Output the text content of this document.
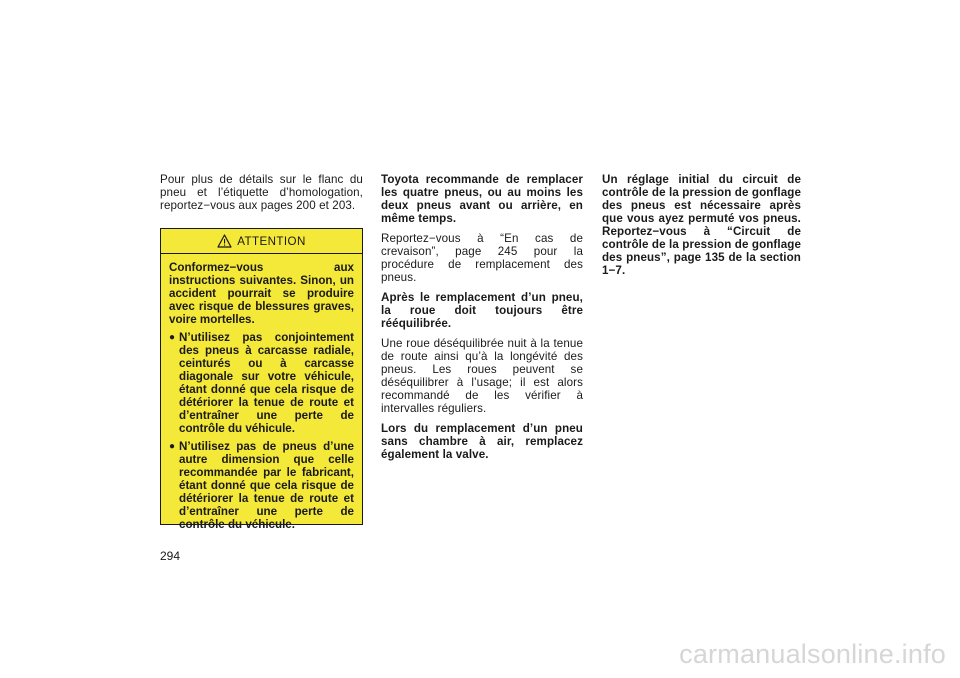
Pour plus de détails sur le flanc du pneu et l’étiquette d’homologation, reportez−vous aux pages 200 et 203.

ATTENTION

Conformez−vous aux instructions suivantes. Sinon, un accident pourrait se produire avec risque de blessures graves, voire mortelles.

● N’utilisez pas conjointement des pneus à carcasse radiale, ceinturés ou à carcasse diagonale sur votre véhicule, étant donné que cela risque de détériorer la tenue de route et d’entraîner une perte de contrôle du véhicule.
● N’utilisez pas de pneus d’une autre dimension que celle recommandée par le fabricant, étant donné que cela risque de détériorer la tenue de route et d’entraîner une perte de contrôle du véhicule.

Toyota recommande de remplacer les quatre pneus, ou au moins les deux pneus avant ou arrière, en même temps.

Reportez−vous à “En cas de crevaison”, page 245 pour la procédure de remplacement des pneus.

Après le remplacement d’un pneu, la roue doit toujours être rééquilibrée.

Une roue déséquilibrée nuit à la tenue de route ainsi qu’à la longévité des pneus. Les roues peuvent se déséquilibrer à l’usage; il est alors recommandé de les vérifier à intervalles réguliers.

Lors du remplacement d’un pneu sans chambre à air, remplacez également la valve.

Un réglage initial du circuit de contrôle de la pression de gonflage des pneus est nécessaire après que vous ayez permuté vos pneus. Reportez−vous à “Circuit de contrôle de la pression de gonflage des pneus”, page 135 de la section 1−7.

294
carmanualsonline.info
